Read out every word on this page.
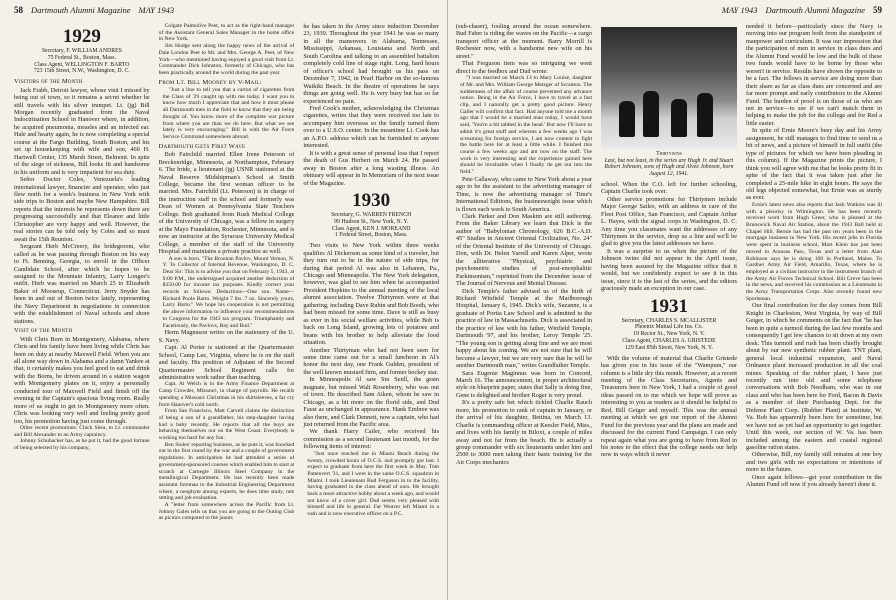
58 Dartmouth Alumni Magazine MAY 1943
1929
Secretary, F. WILLIAM ANDRES
75 Federal St., Boston, Mass.
Class Agent, WELLINGTON F. BARTO
723 15th Street, N.W., Washington, D. C.
Visitors of the Month

Jack Frabb, Detroit lawyer, whose visit I missed by being out of town, so it remains a secret whether he still travels with his silver trumpet. Lt. (jg) Bill Morgan recently graduated from the Naval Indoctrination School in Hanover where, in addition, he acquired pneumonia, measles and an infected ear. Hale and hearty again, he is now completing a special course at the Fargo Building, South Boston, and his set up housekeeping with wife and son, 460 H. Hartwell Center, 135 Marsh Street, Belmont. In spite of the siege of sickness, Bill looks fit and handsome in his uniform and is very impatient for sea duty.

Señor Doctor Coles, Venezuela's leading international lawyer, financier and operator, who just flew north for a week's business in New York with side trips to Boston and maybe New Hampshire. Bill reports that the interests he represents down there are progressing successfully and that Eleanor and little Christopher are very happy and well. However, the real stories can be told only by Coles and so must await the 15th Reunion.

Sergeant Herb McCreery, the bridegroom, who called as he was passing through Boston on his way to Ft. Benning, Georgia, to enroll in the Officer Candidate School, after which he hopes to be assigned to the Mountain Infantry, Larry Longee's outfit. Herb was married on March 25 to Elizabeth Baker of Mooseup, Connecticut. Jerry Snyder has been in and out of Boston twice lately, representing the Navy Department in negotiations in connection with the establishment of Naval schools and shore stations.

Visit of the Month

With Chris Born in Montgomery, Alabama, where Chris and his family have been living while Chris has been on duty at nearby Maxwell Field. When you are all alone way down in Alabama and a damn Yankee at that, it certainly makes you feel good to eat and drink with the Borns, be driven around in a station wagon with Montgomery plates on it, enjoy a personally conducted tour of Maxwell Field and finish off the evening in the Captain's spacious living room. Really more of us ought to get to Montgomery more often. Chris was looking very well and feeling pretty good too, his promotion having just come through.

Other recent promotions: Chick Shea, to Lt. commander and Bill Alexander to an Army captaincy.

Johnny Schubacker has, as he put it, had the good fortune of being selected by his company,

Colgate Palmolive Peet, to act as the right-hand manager of the Assistant General Sales Manager in the home office in New York.

Jim Hodge sent along the happy news of the arrival of Dale London Peet to Mr. and Mrs. George A. Peet, of New York—who mentioned having enjoyed a good visit from Lt. Commander Dick Johnston, formerly of Chicago, who has been practically around the world during the past year.

From Lt. Bill Mooney by V-Mail:

"Just a line to tell you that a carton of cigarettes from the Class of '29 caught up with me today. I want you to know how much I appreciate that and how it must please all Dartmouth men in the field to know that they are being thought of. You know more of the complete war picture from where you are than we do here. But what we see lately is very encouraging." Bill is with the Air Force Service Command somewhere abroad.

Dartmouth Gets First Wave

Bob Fairchild married Ellen Irene Peterson of Breckenridge, Minnesota, at Northampton, February 6. The bride, a lieutenant (jg) USNR stationed at the Naval Reserve Midshipman's School at Smith College, became the first woman officer to be married. Mrs. Fairchild (Lt. Peterson) is in charge of the instruction staff in the school and formerly was Dean of Women at Pennsylvania State Teachers College. Bob graduated from Rush Medical College of the University of Chicago, was a fellow in surgery at the Mayo Foundation, Rochester, Minnesota, and is now an instructor at the Syracuse University Medical College, a member of the staff of the University Hospital and maintains a private practice as well.

A son is born. "The Broonan Pavlov, Mount Vernon, N. Y. To Collector of Internal Revenue, Washington, D. C. Dear Sir: This is to advise you that on February 5, 1943, at 9:00 P.M., the undersigned acquired another deduction of $350.00 for income tax purposes. Kindly correct your records as follows: Deductions—One son. Name—Richard Poole Barto. Weight 7 lbs. 7 oz. Sincerely yours, Larry Barto." We hope his cooperation is not permitting the above information to influence your recommendations to Congress for the 1943 tax program. Triumphantly and Facetiously, the Pavlovs, Bay and Bud."

Herm Magnuson writes on the stationery of the U. S. Navy.

Capt. Al Porter is stationed at the Quartermaster School, Camp Lee, Virginia, where he is on the staff and faculty. His position of Adjutant of the Second Quartermaster School Regiment calls for administrative work rather than teaching.

Capt. Al Welch is in the Army Finance Department at Camp Crowder, Missouri, in charge of payrolls. He recalls spending a Missouri Christmas in his shirtsleeves, a far cry from Hanover's cold north.

From San Francisco, Matt Carvell claims the distinction of being a son of a grandfather, his step-daughter having had a baby recently. He reports that all the boys are behaving themselves out on the West Coast. Everybody is working too hard for any fun.

Ben Stoles' reporting business, as he puts it, was knocked out in the first round by the war and a couple of government regulations. In anticipation he had attended a series of government-sponsored courses which enabled him to start at scratch at Carnegie Illinois Steel Company in the metallurgical Department. He has recently been made assistant foreman to the Industrial Engineering Department where, a neophyte among experts, he does time study, rate setting and job evaluation.

A "letter from somewhere across the Pacific from Lt. Johnny Gales tells us that you are going to the Outing Club as picnics compared to the jaunts

he has taken in the Army since induction December 23, 1939. Throughout the year 1941 he was so many in all the maneuvers in Alabama, Tennessee, Mississippi, Arkansas, Louisiana and North and South Carolina and talking to an assembled battalion completely cold line of stage right. Long, hard hours of officer's school had brought us his pass on December 7, 1942, in Pearl Harbor on the so-famous Waikiki Beach. In the theatre of operations he says things are going well. He is very busy but has so far experienced no pain.

Fred Cook's mother, acknowledging the Christmas cigarettes, writes that they were received too late to accompany him overseas so the family turned them over to a U.S.O. center. In the meantime Lt. Cook has an A.P.O. address which can be furnished to anyone interested.

It is with a great sense of personal loss that I report the death of Gus Herbert on March 24. He passed away in Boston after a long wasting illness. An obituary will appear in In Memoriam of the next issue of the Magazine.

1930
Secretary, G. WARREN FRENCH
99 Hudson St., New York, N. Y.
Class Agent, KEN J. MOREAND
1 Federal Street, Boston, Mass.

Two visits to New York within three weeks qualifies Al Dickerson as some kind of a traveler, but they turn out to be in the nature of side trips, for during that period Al was also in Lebanon, Pa., Chicago and Minneapolis. The New York delegation, however, was glad to see him when he accompanied President Hopkins to the annual meeting of the local alumni association. Twelve Thirtymen were at that gathering, including Dave Rubin and Bob Booth, who had been missed for some time. Dave is still as busy as ever in his social welfare activities, while Bob is back on Long Island, growing lots of potatoes and beans with his brother to help alleviate the food situation.

Another Thirtyman who had not been seen for some time came out for a small luncheon in Al's honor the next day, one Frank Gulden, president of the well known mustard firm, and former hockey star.

In Minneapolis Al saw Stu Seidl, the grain magnate, but missed Walt Rosenberry, who was out of town. He described Sam Aiken, whom he saw in Chicago, as a bit more on the florid side, and Dud Faust as unchanged in appearance. Hank Embree was also there, and Clark Dennett, now a captain, who had just returned from the Pacific area.

We thank Harry Cailer, who received his commission as a second lieutenant last month, for the following items of interest:

"Just once reached me in Miami Beach during the twenty, crowded hours of O.C.S. and promptly got lost. I expect to graduate from here the first week in May. Tom Pattenvert '31, and I were in the same O.C.S. squadron in Miami. I took Lieutenant Bud Ferguson in to the facility, having graduated in the class ahead of ours. He brought back a more attractive hobby about a week ago, and would not know of a cover girl. Dud seems very pleased with himself and life in general. Far Weaver left Miami in a rush and is now executive officer on a P.C.

MAY 1943 Dartmouth Alumni Magazine 59

(sub-chaser), fooling around the ocean somewhere. Bud Faber is riding the waves on the Pacific—a cargo transport officer at the moment. Barry Morrill is Rochester now, with a handsome new wife on his street."

That Ferguson item was so intriguing we went direct to the feedbox and Dud wrote:

"I was married on March 13 to Mary Louise, daughter of Mr. and Mrs. William George Metzger of Scranton. The suddenness of the affair of course prevented any advance notice. Being in the Air Force, I have to travel at a fast clip, and I naturally get a pretty good picture. Henry Galler will confirm that fact. Had anyone told me a month ago that I would be a married man today, I would have said, 'You're a bit tabbed in the head.' But now I'll have to admit it's great stuff and whereas a few weeks ago I was screaming for foreign service, I am now content to fight the battle here for at least a little while. I finished this course a few weeks ago and am now on the staff. The work is very interesting and the experience gained here should be invaluable when I finally do get out into the field."

Pete Callaway, who came to New York about a year ago to be the assistant to the advertising manager of Time, is now the advertising manager of Time's International Editions, the businesweight issue which is flown each week to South America.

Clark Parker and Don Maskim are still authoring. From the Baker Library we learn that Dick is the author of "Babylonian Chronology, 626 B.C.-A.D. 45" Studies in Ancient Oriental Civilization, No. 24" of the Oriental Institute of the University of Chicago. Don, with Dr. Helen Yarrell and Karen Alper, wrote the alliterative "Physical, psychiatric and psychometric studies of post-encephalitic Parkinsonism," reprinted from the December issue of The Journal of Nervous and Mental Disease.

Dick Temple's father advised us of the birth of Richard Winfield Temple at the Marlborough Hospital, January 6, 1945. Dick's wife, Suzanne, is a graduate of Portia Law School and is admitted to the practice of law in Massachusetts. Dick is associated in the practice of law with his father, Winfield Temple, Dartmouth '97, and his brother, Leroy Temple '25. "The young son is getting along fine and we are most happy about his coming. We are not sure that he will become a lawyer, but we are very sure that he will be another Dartmouth man," writes Grandfather Temple.

Sara Eugenie Maginnus was born in Concord, March 16. The announcement, in proper architectural style on blueprint paper, states that Sally is doing fine, Gene is delighted and brother Roger is very proud.

It's a pretty safe bet which tickled Charlie Rauch more, his promotion to rank of captain in January, or the arrival of his daughter, Bettina, on March 13. Charlie is commanding officer at Keesler Field, Miss., and lives with his family in Biloxi, a couple of miles away and not far from the beach. He is actually a group commander with six lieutenants under him and 2500 to 3000 men taking their basic training for the Air Corps mechanics

Thirtywins
Last, but not least, in the series are Hugh Jr. and Stuart Robert Johnson, sons of Hugh and Alvee Johnson, born August 12, 1941.

school. When the C.O. left for further schooling, Captain Charlie took over.

Other service promotions for Thirtymen include Major George Sailes, with an address in care of the Fleet Post Office, San Francisco, and Captain Arthur L. Hayes, with the signal corps in Washington, D. C. Any time you classmates want the addresses of any Thirtymen in the service, drop us a line and we'll be glad to give you the latest addresses we have.

It was a surprise to us when the picture of the Johnson twins did not appear in the April issue, having been assured by the Magazine office that it would, but we confidently expect to see it in this issue, since it is the last of the series, and the editors graciously made an exception in our case.

1931
Secretary, CHARLES S. MCALLISTER
Phoenix Mutual Life Ins. Co.
19 Rector St., New York, N. Y.
Class Agent, CHARLES A. GRISTEDE
129 East 85th Street, New York, N. Y.

With the volume of material that Charlie Gristede has given you in his issue of the "Wampum," our column is a little dry this month. However, at a recent meeting of the Class Secretaries, Agents and Treasurers here in New York, I had a couple of good ideas passed on to me which we hope will prove as interesting to you as readers as it should be helpful to Red, Bill Geiger and myself. This was the annual meeting at which we got our report of the Alumni Fund for the previous year and the plans are made and discussed for the current Fund Campaign. I can only repeat again what you are going to have from Red in his notes to the effect that the college needs our help now in ways which it never

needed it before—particularly since the Navy is moving into our program both from the standpoint of manpower and curriculum. It was our impression that the participation of men in service in class dues and the Alumni Fund would be low and the bulk of these two funds would have to be borne by those who weren't in service. Results have shown the opposite to be a fact. The fellows in service are doing more than their share as far as class dues are concerned and are far more prompt and early contributors to the Alumni Fund. The burden of proof is on those of us who are not in service—to see if we can't match them in helping to make the job for the college and for Red a little easier.

In spite of Ernie Moore's busy day and his Army assignment, he still manages to find time to send us a bit of news, and a picture of himself in full outfit (the type of pictures for which we have been pleading in this column). If the Magazine prints the picture, I think you will agree with me that he looks pretty fit in spite of the fact that it was taken just after he completed a 25-mile hike in eight hours. He says the old legs objected somewhat, but Ernie was as sturdy as ever.

Ernie's latest news also reports that Jack Watkins was ill with a pleurisy in Wilmington. He has been recently received word from Hugh Greer, who is pleased at the Brunswick Naval Air Station, about the 1943 Ball held at Chapel Hill. Bernie has had the past ten years been in the mortgage business in New York. His recent jobs in Florida were spent in business school, Mort Klein has just been moved to Aransas Pass, Texas and a letter from Alan Robinson says he is doing 100 in Portland, Maine. To Gardner Army Air Field, Amarillo, Texas, where he is employed as a civilian instructor in the instrument branch of the Army Air Forces Technical School. Bill Greve has been in the news, and received his commission as a Lieutenant in the Army Transportation Corps. Also recently found new Sportsman.

Our final contribution for the day comes from Bill Knight in Charleston, West Virginia, by way of Bill Geiger, in which he comments on the fact that "he has been in quite a turmoil during the last few months and consequently I get few chances to sit down at my own desk. This turmoil and rush has been chiefly brought about by our new synthetic rubber plant. TNT plant, general local industrial expansion, and Naval Ordnance plant increased production in all the coal mines. Speaking of the rubber plant, I have just recently run into old and some telephone conversations with Bob Needham, who was in our class and who has been here for Ford, Bacon & Davis as a member of their Purchasing Dept. for the Defense Plant Corp. (Rubber Plant) at Institute, W. Va. Bob has apparently been here for sometime, but we have not as yet had an opportunity to get together. Until this week, our section of W. Va. has been included among the eastern and coastal regional gasoline ration states.

Otherwise, Bill, my family still remains at one boy and two girls with no expectations or intentions of more in the future.

Once again fellows—get your contribution in the Alumni Fund off now if you already haven't done it.
